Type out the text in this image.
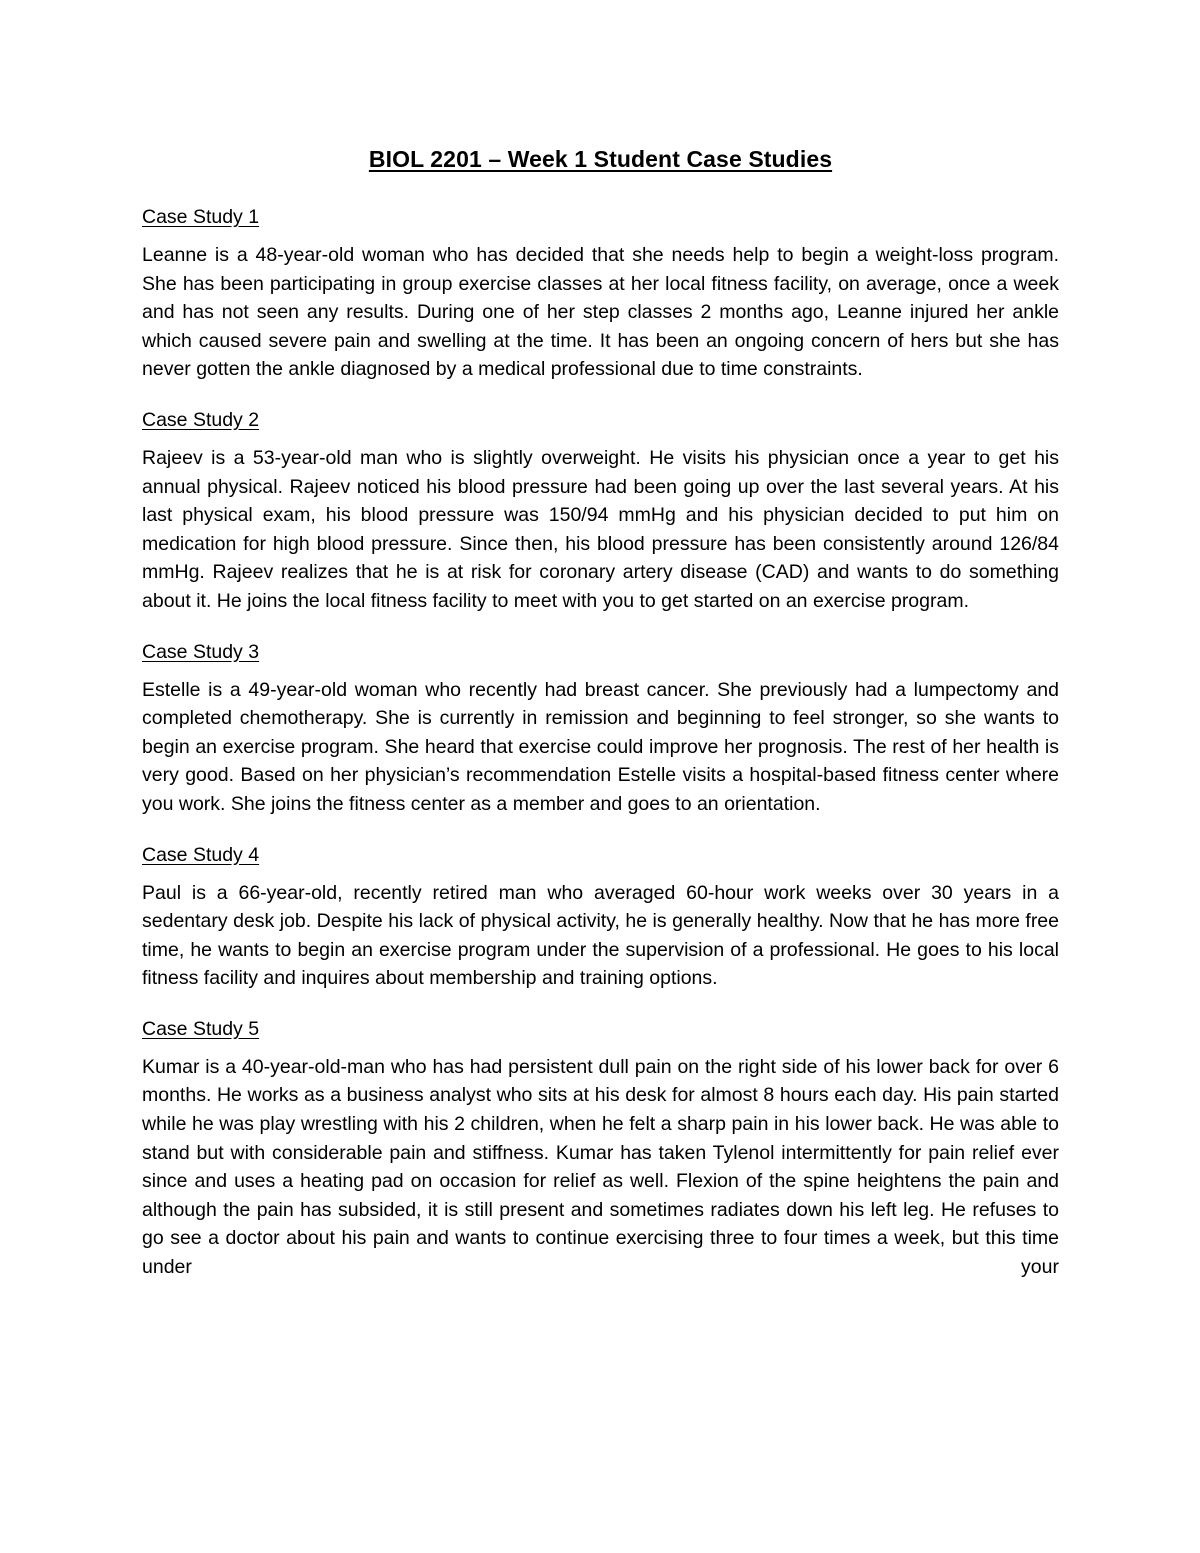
BIOL 2201 – Week 1 Student Case Studies
Case Study 1

Leanne is a 48-year-old woman who has decided that she needs help to begin a weight-loss program. She has been participating in group exercise classes at her local fitness facility, on average, once a week and has not seen any results. During one of her step classes 2 months ago, Leanne injured her ankle which caused severe pain and swelling at the time. It has been an ongoing concern of hers but she has never gotten the ankle diagnosed by a medical professional due to time constraints.

Case Study 2

Rajeev is a 53-year-old man who is slightly overweight. He visits his physician once a year to get his annual physical. Rajeev noticed his blood pressure had been going up over the last several years. At his last physical exam, his blood pressure was 150/94 mmHg and his physician decided to put him on medication for high blood pressure. Since then, his blood pressure has been consistently around 126/84 mmHg. Rajeev realizes that he is at risk for coronary artery disease (CAD) and wants to do something about it. He joins the local fitness facility to meet with you to get started on an exercise program.

Case Study 3

Estelle is a 49-year-old woman who recently had breast cancer. She previously had a lumpectomy and completed chemotherapy. She is currently in remission and beginning to feel stronger, so she wants to begin an exercise program. She heard that exercise could improve her prognosis. The rest of her health is very good. Based on her physician’s recommendation Estelle visits a hospital-based fitness center where you work. She joins the fitness center as a member and goes to an orientation.

Case Study 4

Paul is a 66-year-old, recently retired man who averaged 60-hour work weeks over 30 years in a sedentary desk job. Despite his lack of physical activity, he is generally healthy. Now that he has more free time, he wants to begin an exercise program under the supervision of a professional. He goes to his local fitness facility and inquires about membership and training options.

Case Study 5

Kumar is a 40-year-old-man who has had persistent dull pain on the right side of his lower back for over 6 months. He works as a business analyst who sits at his desk for almost 8 hours each day. His pain started while he was play wrestling with his 2 children, when he felt a sharp pain in his lower back. He was able to stand but with considerable pain and stiffness. Kumar has taken Tylenol intermittently for pain relief ever since and uses a heating pad on occasion for relief as well. Flexion of the spine heightens the pain and although the pain has subsided, it is still present and sometimes radiates down his left leg. He refuses to go see a doctor about his pain and wants to continue exercising three to four times a week, but this time under your
